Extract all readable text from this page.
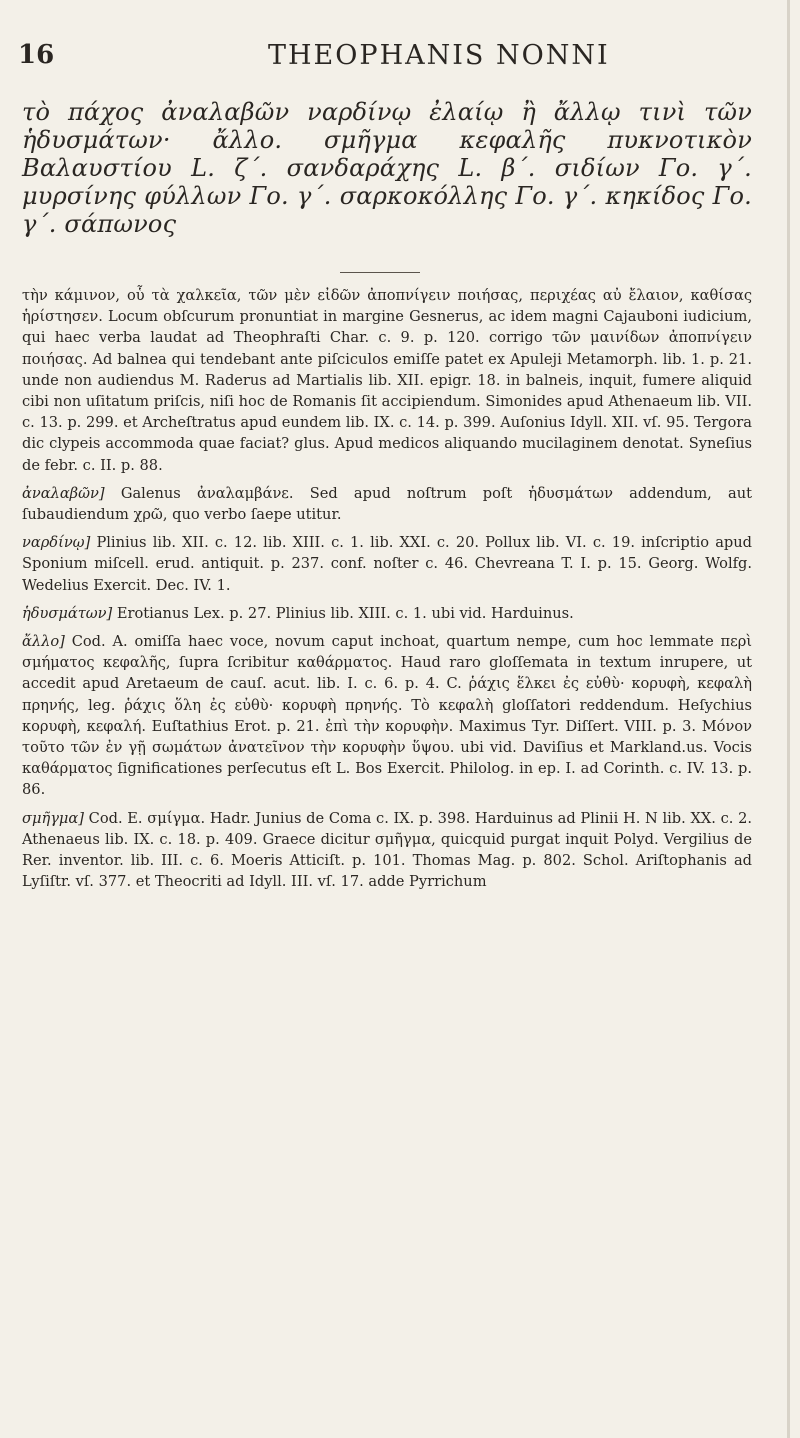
16	THEOPHANIS NONNI
τὸ πάχος ἀναλαβῶν ναρδίνῳ ἐλαίῳ ἢ ἄλλῳ τινὶ τῶν ἡδυσμάτων· ἄλλο. σμῆγμα κεφαλῆς πυκνοτικὸν Βαλαυστίου L. ζ΄. σανδαράχης L. β΄. σιδίων Γο. γ΄. μυρσίνης φύλλων Γο. γ΄. σαρκοκόλλης Γο. γ΄. κηκίδος Γο. γ΄. σάπωνος

τὴν κάμινον, οὗ τὰ χαλκεῖα, τῶν μὲν εἰδῶν ἀποπνίγειν ποιήσας, περιχέας αὐ ἔλαιον, καθίσας ἡρίστησεν. Locum obſcurum pronuntiat in margine Gesnerus, ac idem magni Cajauboni iudicium, qui haec verba laudat ad Theophraſti Char. c. 9. p. 120. corrigo τῶν μαινίδων ἀποπνίγειν ποιήσας. Ad balnea qui tendebant ante piſciculos emiſſe patet ex Apuleji Metamorph. lib. 1. p. 21. unde non audiendus M. Raderus ad Martialis lib. XII. epigr. 18. in balneis, inquit, fumere aliquid cibi non uſitatum priſcis, niſi hoc de Romanis ſit accipiendum. Simonides apud Athenaeum lib. VII. c. 13. p. 299. et Archeſtratus apud eundem lib. IX. c. 14. p. 399. Auſonius Idyll. XII. vſ. 95. Tergora dic clypeis accommoda quae faciat? glus. Apud medicos aliquando mucilaginem denotat. Syneſius de febr. c. II. p. 88.

ἀναλαβῶν] Galenus ἀναλαμβάνε. Sed apud noſtrum poſt ἡδυσμάτων addendum, aut ſubaudiendum χρῶ, quo verbo ſaepe utitur.

ναρδίνῳ] Plinius lib. XII. c. 12. lib. XIII. c. 1. lib. XXI. c. 20. Pollux lib. VI. c. 19. inſcriptio apud Sponium miſcell. erud. antiquit. p. 237. conf. noſter c. 46. Chevreana T. I. p. 15. Georg. Wolfg. Wedelius Exercit. Dec. IV. 1.

ἡδυσμάτων] Erotianus Lex. p. 27. Plinius lib. XIII. c. 1. ubi vid. Harduinus.

ἄλλο] Cod. A. omiſſa haec voce, novum caput inchoat, quartum nempe, cum hoc lemmate περὶ σμήματος κεφαλῆς, ſupra ſcribitur καθάρματος. Haud raro gloſſemata in textum inrupere, ut accedit apud Aretaeum de cauſ. acut. lib. I. c. 6. p. 4. C. ῥάχις ἕλκει ἐς εὐθὺ· κορυφὴ, κεφαλὴ πρηνής, leg. ῥάχις ὅλη ἐς εὐθὺ· κορυφὴ πρηνής. Τὸ κεφαλὴ gloſſatori reddendum. Heſychius κορυφὴ, κεφαλή. Euſtathius Erot. p. 21. ἐπὶ τὴν κορυφὴν. Maximus Tyr. Diſſert. VIII. p. 3. Μόνον τοῦτο τῶν ἐν γῇ σωμάτων ἀνατεῖνον τὴν κορυφὴν ὕψου. ubi vid. Daviſius et Markland.us. Vocis καθάρματος ſignificationes perſecutus eſt L. Bos Exercit. Philolog. in ep. I. ad Corinth. c. IV. 13. p. 86.

σμῆγμα] Cod. E. σμίγμα. Hadr. Junius de Coma c. IX. p. 398. Harduinus ad Plinii H. N lib. XX. c. 2. Athenaeus lib. IX. c. 18. p. 409. Graece dicitur σμῆγμα, quicquid purgat inquit Polyd. Vergilius de Rer. inventor. lib. III. c. 6. Moeris Atticiſt. p. 101. Thomas Mag. p. 802. Schol. Ariſtophanis ad Lyſiſtr. vſ. 377. et Theocriti ad Idyll. III. vſ. 17. adde Pyrrichum
